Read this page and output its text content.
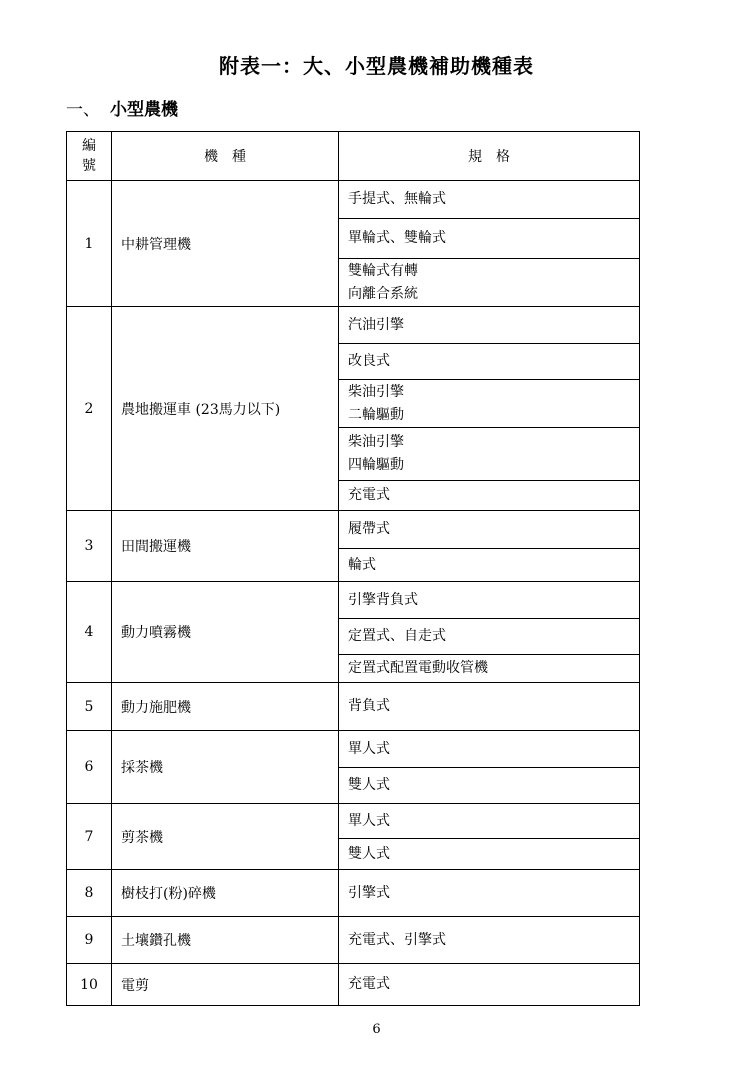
附表一：大、小型農機補助機種表
一、 小型農機
編
號	機　種	規　格
1	中耕管理機	手提式、無輪式

		單輪式、雙輪式

		雙輪式有轉
向離合系統

2	農地搬運車 (23馬力以下)	汽油引擎

		改良式

		柴油引擎
二輪驅動

		柴油引擎
四輪驅動

		充電式

3	田間搬運機	履帶式

		輪式

4	動力噴霧機	引擎背負式

		定置式、自走式

		定置式配置電動收管機

5	動力施肥機	背負式

6	採茶機	單人式

		雙人式

7	剪茶機	單人式

		雙人式

8	樹枝打(粉)碎機	引擎式

9	土壤鑽孔機	充電式、引擎式

10	電剪	充電式
6
